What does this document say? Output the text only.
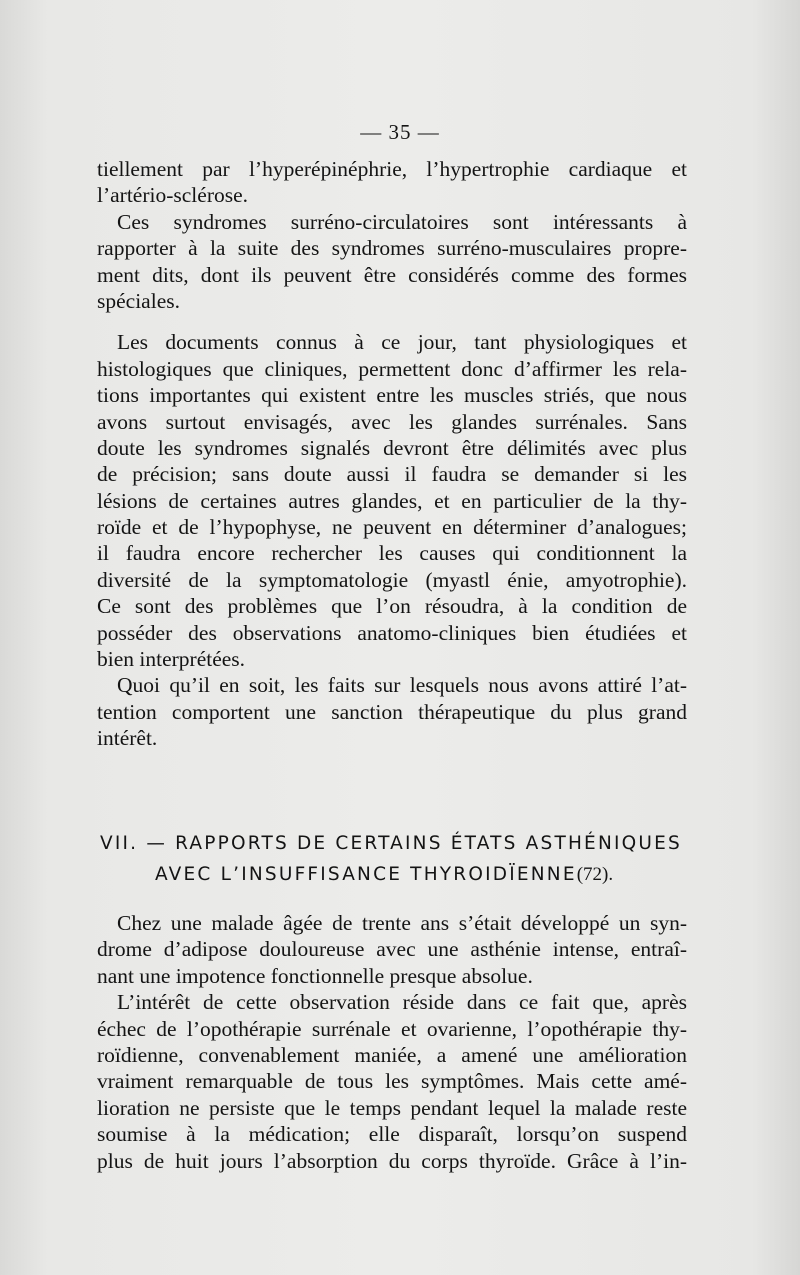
— 35 —
tiellement par l’hyperépinéphrie, l’hypertrophie cardiaque et
l’artério-sclérose.
Ces syndromes surréno-circulatoires sont intéressants à
rapporter à la suite des syndromes surréno-musculaires propre-
ment dits, dont ils peuvent être considérés comme des formes
spéciales.
Les documents connus à ce jour, tant physiologiques et
histologiques que cliniques, permettent donc d’affirmer les rela-
tions importantes qui existent entre les muscles striés, que nous
avons surtout envisagés, avec les glandes surrénales. Sans
doute les syndromes signalés devront être délimités avec plus
de précision; sans doute aussi il faudra se demander si les
lésions de certaines autres glandes, et en particulier de la thy-
roïde et de l’hypophyse, ne peuvent en déterminer d’analogues;
il faudra encore rechercher les causes qui conditionnent la
diversité de la symptomatologie (myastl énie, amyotrophie).
Ce sont des problèmes que l’on résoudra, à la condition de
posséder des observations anatomo-cliniques bien étudiées et
bien interprétées.
Quoi qu’il en soit, les faits sur lesquels nous avons attiré l’at-
tention comportent une sanction thérapeutique du plus grand
intérêt.
VII. — RAPPORTS DE CERTAINS ÉTATS ASTHÉNIQUES
AVEC L’INSUFFISANCE THYROIDÏENNE(72).
Chez une malade âgée de trente ans s’était développé un syn-
drome d’adipose douloureuse avec une asthénie intense, entraî-
nant une impotence fonctionnelle presque absolue.
L’intérêt de cette observation réside dans ce fait que, après
échec de l’opothérapie surrénale et ovarienne, l’opothérapie thy-
roïdienne, convenablement maniée, a amené une amélioration
vraiment remarquable de tous les symptômes. Mais cette amé-
lioration ne persiste que le temps pendant lequel la malade reste
soumise à la médication; elle disparaît, lorsqu’on suspend
plus de huit jours l’absorption du corps thyroïde. Grâce à l’in-
